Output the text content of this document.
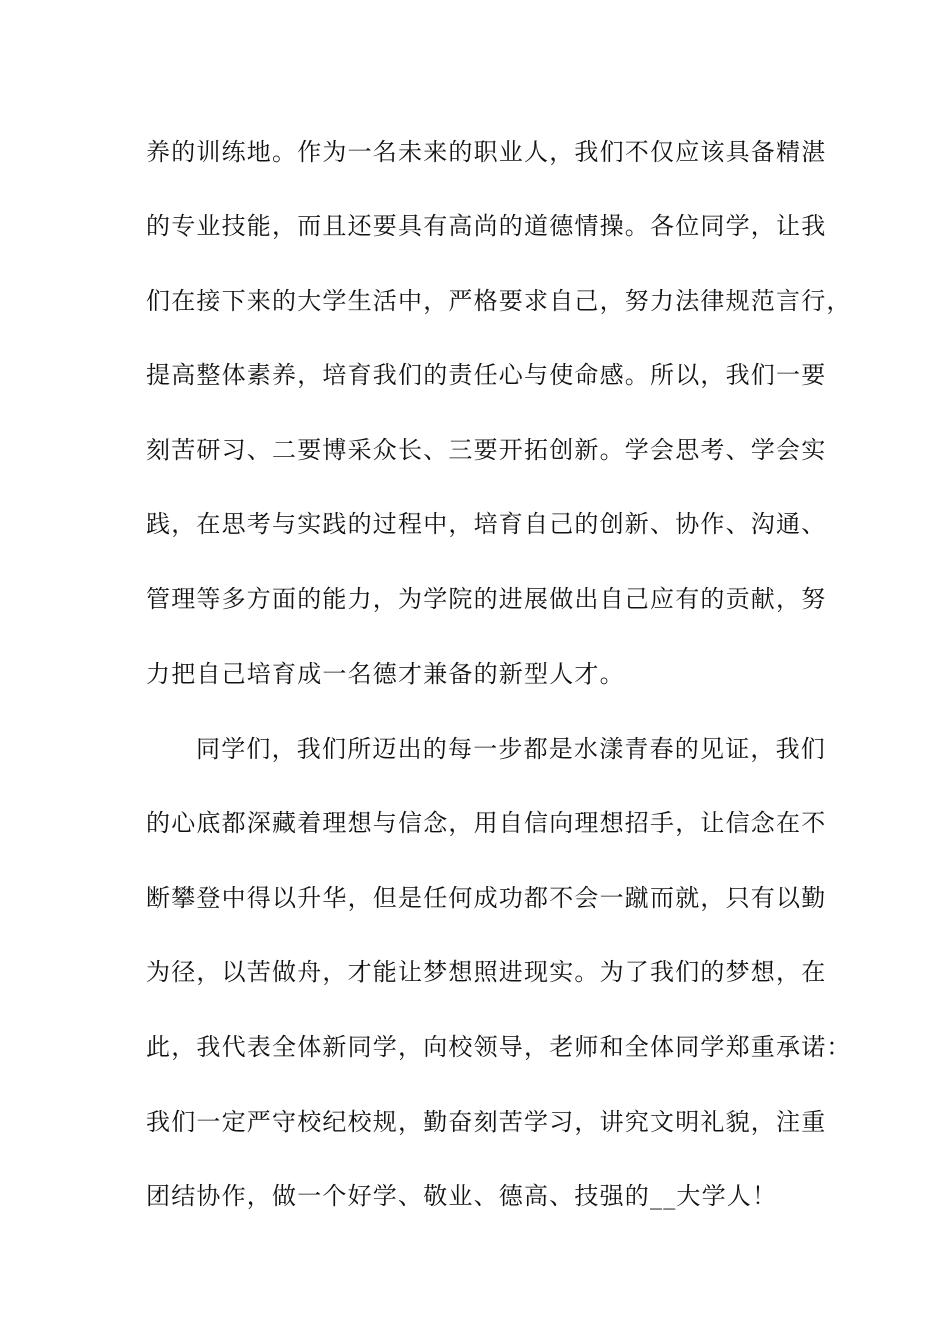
养的训练地。作为一名未来的职业人，我们不仅应该具备精湛
的专业技能，而且还要具有高尚的道德情操。各位同学，让我
们在接下来的大学生活中，严格要求自己，努力法律规范言行，
提高整体素养，培育我们的责任心与使命感。所以，我们一要
刻苦研习、二要博采众长、三要开拓创新。学会思考、学会实
践，在思考与实践的过程中，培育自己的创新、协作、沟通、
管理等多方面的能力，为学院的进展做出自己应有的贡献，努
力把自己培育成一名德才兼备的新型人才。
同学们，我们所迈出的每一步都是水漾青春的见证，我们
的心底都深藏着理想与信念，用自信向理想招手，让信念在不
断攀登中得以升华，但是任何成功都不会一蹴而就，只有以勤
为径，以苦做舟，才能让梦想照进现实。为了我们的梦想，在
此，我代表全体新同学，向校领导，老师和全体同学郑重承诺：
我们一定严守校纪校规，勤奋刻苦学习，讲究文明礼貌，注重
团结协作，做一个好学、敬业、德高、技强的__大学人！
